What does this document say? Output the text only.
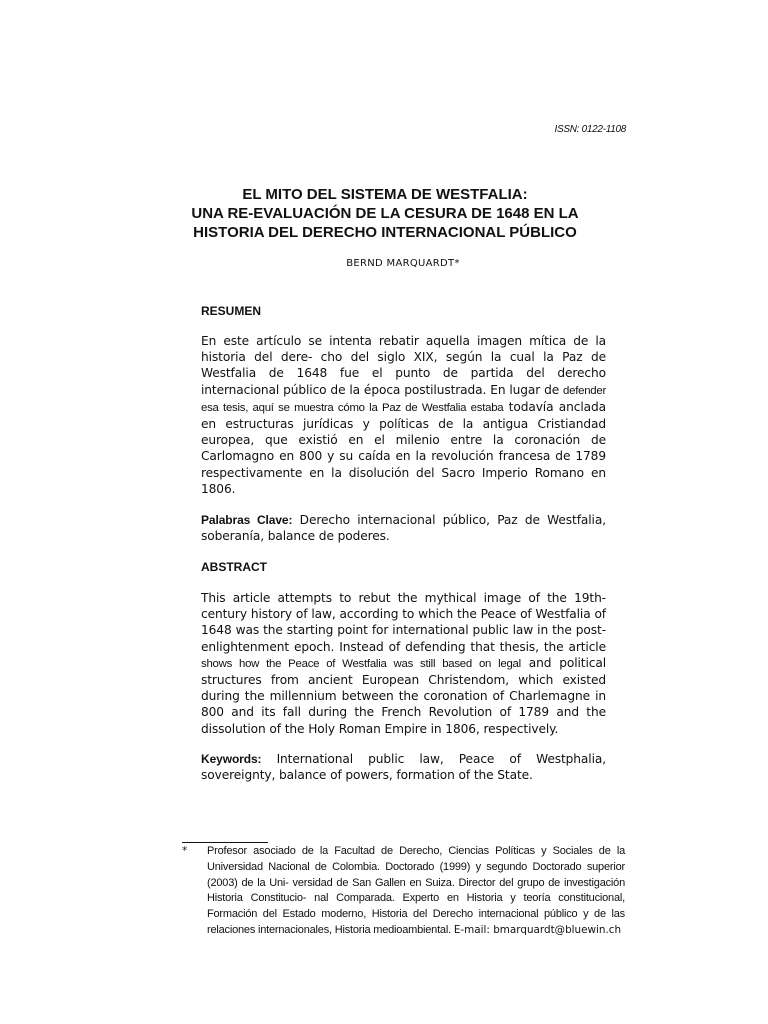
ISSN: 0122-1108
EL MITO DEL SISTEMA DE WESTFALIA:
UNA RE-EVALUACIÓN DE LA CESURA DE 1648 EN LA
HISTORIA DEL DERECHO INTERNACIONAL PÚBLICO
BERND MARQUARDT*
RESUMEN
En este artículo se intenta rebatir aquella imagen mítica de la historia del dere- cho del siglo XIX, según la cual la Paz de Westfalia de 1648 fue el punto de partida del derecho internacional público de la época postilustrada. En lugar de defender esa tesis, aquí se muestra cómo la Paz de Westfalia estaba todavía anclada en estructuras jurídicas y políticas de la antigua Cristiandad europea, que existió en el milenio entre la coronación de Carlomagno en 800 y su caída en la revolución francesa de 1789 respectivamente en la disolución del Sacro Imperio Romano en 1806.
Palabras Clave: Derecho internacional público, Paz de Westfalia, soberanía, balance de poderes.
ABSTRACT
This article attempts to rebut the mythical image of the 19th-century history of law, according to which the Peace of Westfalia of 1648 was the starting point for international public law in the post-enlightenment epoch. Instead of defending that thesis, the article shows how the Peace of Westfalia was still based on legal and political structures from ancient European Christendom, which existed during the millennium between the coronation of Charlemagne in 800 and its fall during the French Revolution of 1789 and the dissolution of the Holy Roman Empire in 1806, respectively.
Keywords: International public law, Peace of Westphalia, sovereignty, balance of powers, formation of the State.
* Profesor asociado de la Facultad de Derecho, Ciencias Políticas y Sociales de la Universidad Nacional de Colombia. Doctorado (1999) y segundo Doctorado superior (2003) de la Uni- versidad de San Gallen en Suiza. Director del grupo de investigación Historia Constitucio- nal Comparada. Experto en Historia y teoría constitucional, Formación del Estado moderno, Historia del Derecho internacional público y de las relaciones internacionales, Historia medioambiental. E-mail: bmarquardt@bluewin.ch
